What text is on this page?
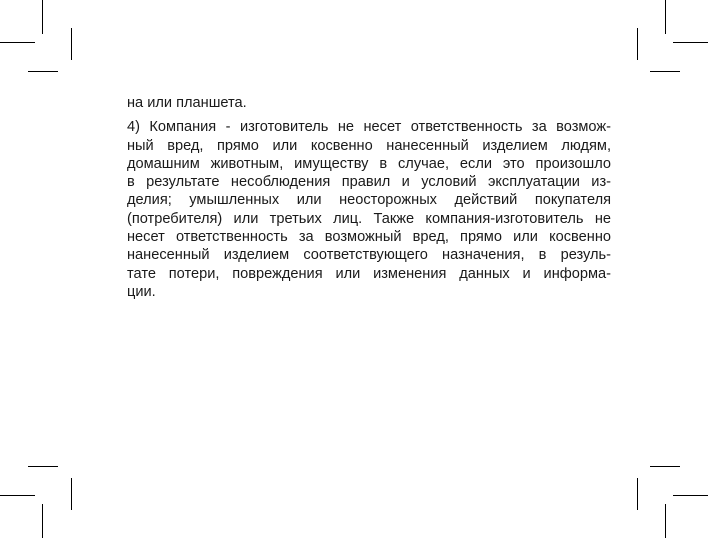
на или планшета.
4) Компания - изготовитель не несет ответственность за возмож-
ный вред, прямо или косвенно нанесенный изделием людям,
домашним животным, имуществу в случае, если это произошло
в результате несоблюдения правил и условий эксплуатации из-
делия; умышленных или неосторожных действий покупателя
(потребителя) или третьих лиц. Также компания-изготовитель не
несет ответственность за возможный вред, прямо или косвенно
нанесенный изделием соответствующего назначения, в резуль-
тате потери, повреждения или изменения данных и информа-
ции.
